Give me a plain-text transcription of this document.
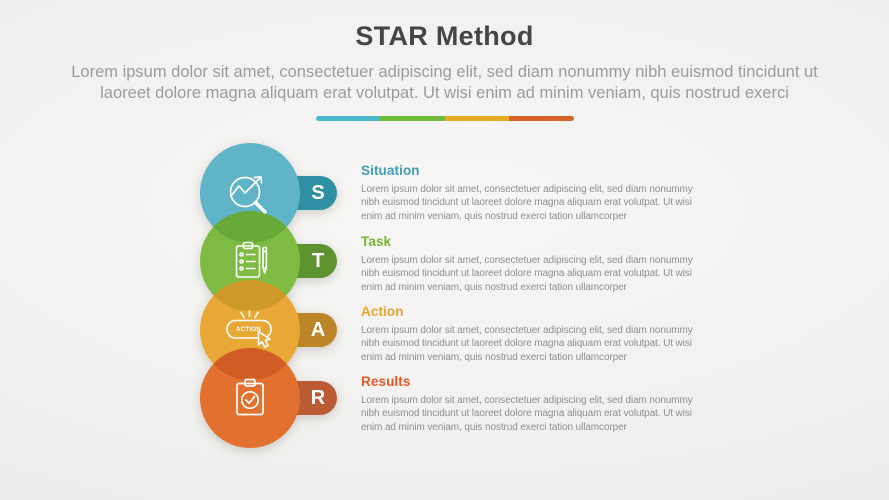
STAR Method
Lorem ipsum dolor sit amet, consectetuer adipiscing elit, sed diam nonummy nibh euismod tincidunt ut laoreet dolore magna aliquam erat volutpat. Ut wisi enim ad minim veniam, quis nostrud exerci
S
T
A
R
ACTION
Situation

Lorem ipsum dolor sit amet, consectetuer adipiscing elit, sed diam nonummy nibh euismod tincidunt ut laoreet dolore magna aliquam erat volutpat. Ut wisi enim ad minim veniam, quis nostrud exerci tation ullamcorper

Task

Lorem ipsum dolor sit amet, consectetuer adipiscing elit, sed diam nonummy nibh euismod tincidunt ut laoreet dolore magna aliquam erat volutpat. Ut wisi enim ad minim veniam, quis nostrud exerci tation ullamcorper

Action

Lorem ipsum dolor sit amet, consectetuer adipiscing elit, sed diam nonummy nibh euismod tincidunt ut laoreet dolore magna aliquam erat volutpat. Ut wisi enim ad minim veniam, quis nostrud exerci tation ullamcorper

Results

Lorem ipsum dolor sit amet, consectetuer adipiscing elit, sed diam nonummy nibh euismod tincidunt ut laoreet dolore magna aliquam erat volutpat. Ut wisi enim ad minim veniam, quis nostrud exerci tation ullamcorper
